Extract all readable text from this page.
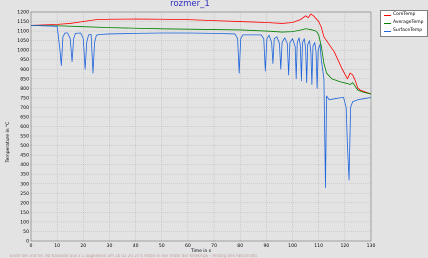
rozmer_1
0
50
100
150
200
250
300
350
400
450
500
550
600
650
700
750
800
850
900
950
1000
1050
1100
1150
1200
0	10	20	30	40	50	60	70	80	90	100	110	120	130
Time in s
Temperature in °C
CoreTemp
AverageTemp
SurfaceTemp
Ende des mit tel. Ab Kaskade aus x 1 abgelesen am 1b 02 20 2s 4 mittel in der mitte der KASKADE - Anfang des Abschnitts
